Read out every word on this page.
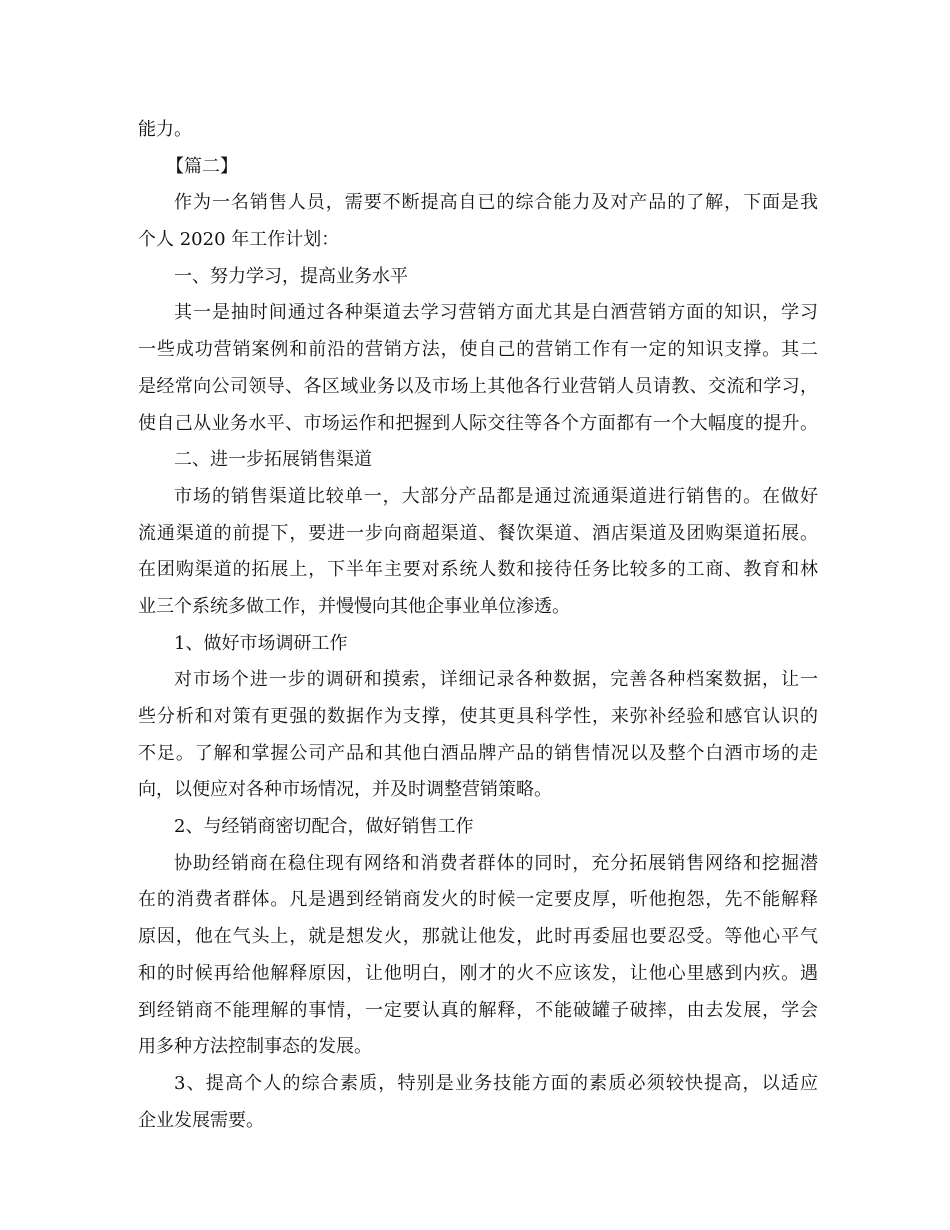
能力。
【篇二】
作为一名销售人员，需要不断提高自已的综合能力及对产品的了解，下面是我
个人 2020 年工作计划：
一、努力学习，提高业务水平
其一是抽时间通过各种渠道去学习营销方面尤其是白酒营销方面的知识，学习
一些成功营销案例和前沿的营销方法，使自己的营销工作有一定的知识支撑。其二
是经常向公司领导、各区域业务以及市场上其他各行业营销人员请教、交流和学习，
使自己从业务水平、市场运作和把握到人际交往等各个方面都有一个大幅度的提升。
二、进一步拓展销售渠道
市场的销售渠道比较单一，大部分产品都是通过流通渠道进行销售的。在做好
流通渠道的前提下，要进一步向商超渠道、餐饮渠道、酒店渠道及团购渠道拓展。
在团购渠道的拓展上，下半年主要对系统人数和接待任务比较多的工商、教育和林
业三个系统多做工作，并慢慢向其他企事业单位渗透。
1、做好市场调研工作
对市场个进一步的调研和摸索，详细记录各种数据，完善各种档案数据，让一
些分析和对策有更强的数据作为支撑，使其更具科学性，来弥补经验和感官认识的
不足。了解和掌握公司产品和其他白酒品牌产品的销售情况以及整个白酒市场的走
向，以便应对各种市场情况，并及时调整营销策略。
2、与经销商密切配合，做好销售工作
协助经销商在稳住现有网络和消费者群体的同时，充分拓展销售网络和挖掘潜
在的消费者群体。凡是遇到经销商发火的时候一定要皮厚，听他抱怨，先不能解释
原因，他在气头上，就是想发火，那就让他发，此时再委屈也要忍受。等他心平气
和的时候再给他解释原因，让他明白，刚才的火不应该发，让他心里感到内疚。遇
到经销商不能理解的事情，一定要认真的解释，不能破罐子破摔，由去发展，学会
用多种方法控制事态的发展。
3、提高个人的综合素质，特别是业务技能方面的素质必须较快提高，以适应
企业发展需要。
